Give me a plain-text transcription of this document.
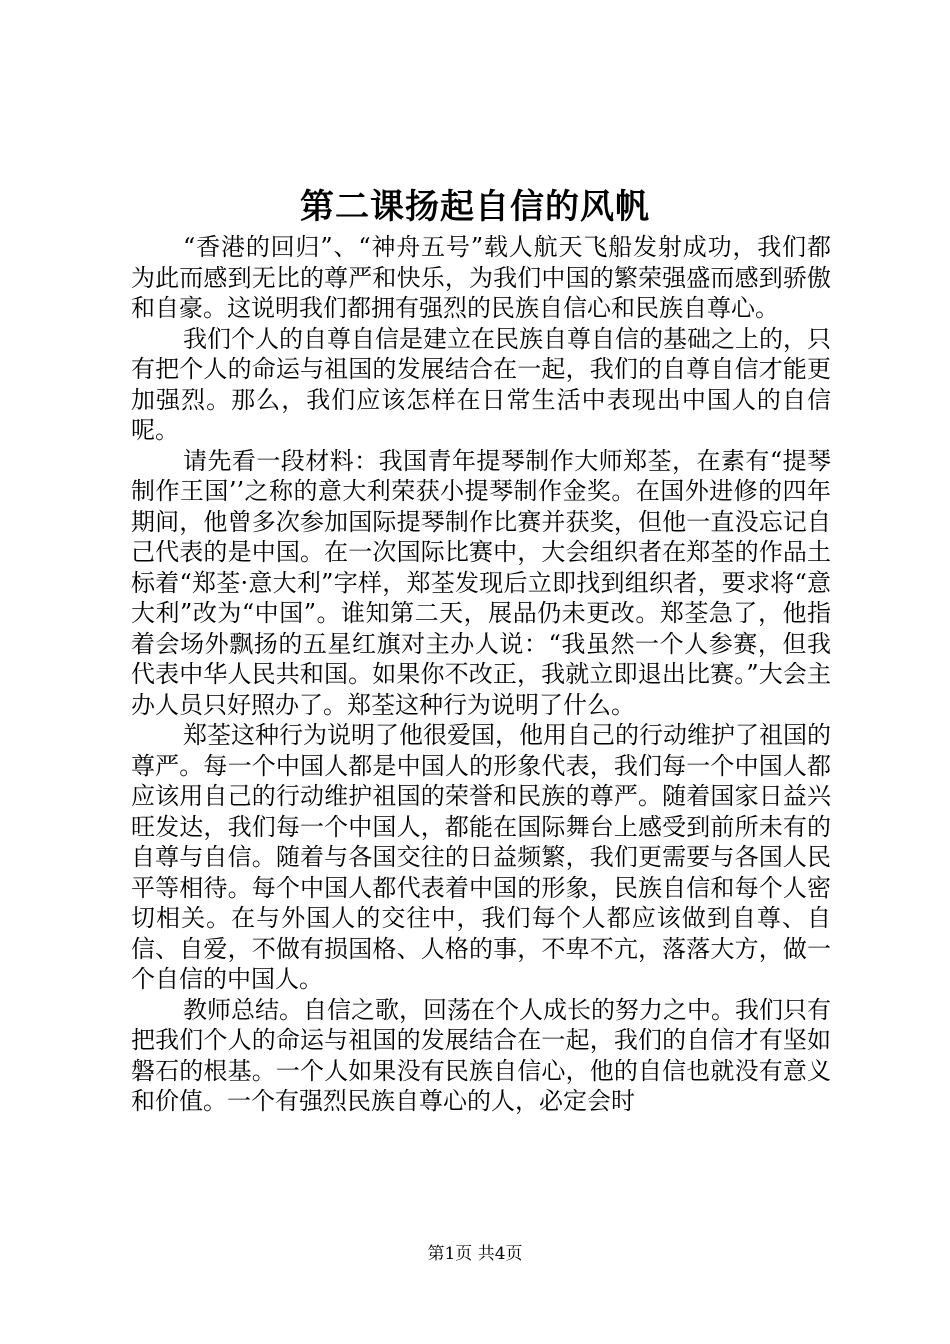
第二课扬起自信的风帆

“香港的回归”、“神舟五号”载人航天飞船发射成功，我们都为此而感到无比的尊严和快乐，为我们中国的繁荣强盛而感到骄傲和自豪。这说明我们都拥有强烈的民族自信心和民族自尊心。

我们个人的自尊自信是建立在民族自尊自信的基础之上的，只有把个人的命运与祖国的发展结合在一起，我们的自尊自信才能更加强烈。那么，我们应该怎样在日常生活中表现出中国人的自信呢。

请先看一段材料：我国青年提琴制作大师郑荃，在素有“提琴制作王国’’之称的意大利荣获小提琴制作金奖。在国外进修的四年期间，他曾多次参加国际提琴制作比赛并获奖，但他一直没忘记自己代表的是中国。在一次国际比赛中，大会组织者在郑荃的作品土标着“郑荃·意大利”字样，郑荃发现后立即找到组织者，要求将“意大利”改为“中国”。谁知第二天，展品仍未更改。郑荃急了，他指着会场外飘扬的五星红旗对主办人说：“我虽然一个人参赛，但我代表中华人民共和国。如果你不改正，我就立即退出比赛。”大会主办人员只好照办了。郑荃这种行为说明了什么。

郑荃这种行为说明了他很爱国，他用自己的行动维护了祖国的尊严。每一个中国人都是中国人的形象代表，我们每一个中国人都应该用自己的行动维护祖国的荣誉和民族的尊严。随着国家日益兴旺发达，我们每一个中国人，都能在国际舞台上感受到前所未有的自尊与自信。随着与各国交往的日益频繁，我们更需要与各国人民平等相待。每个中国人都代表着中国的形象，民族自信和每个人密切相关。在与外国人的交往中，我们每个人都应该做到自尊、自信、自爱，不做有损国格、人格的事，不卑不亢，落落大方，做一个自信的中国人。

教师总结。自信之歌，回荡在个人成长的努力之中。我们只有把我们个人的命运与祖国的发展结合在一起，我们的自信才有坚如磐石的根基。一个人如果没有民族自信心，他的自信也就没有意义和价值。一个有强烈民族自尊心的人，必定会时

第1页 共4页
